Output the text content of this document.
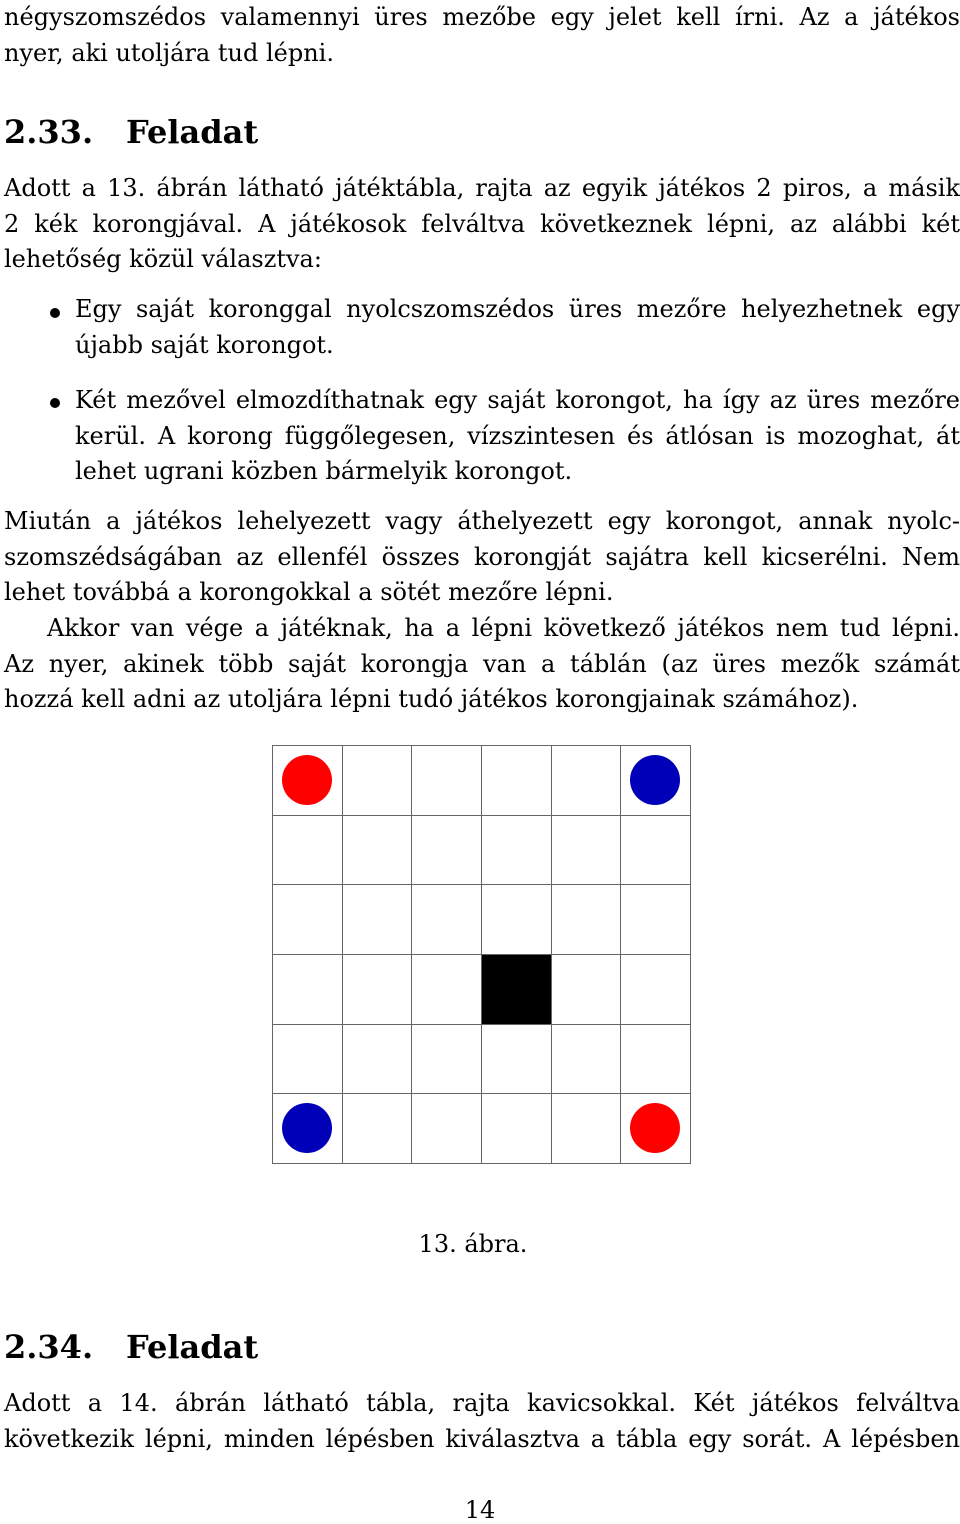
négyszomszédos valamennyi üres mezőbe egy jelet kell írni. Az a játékos
nyer, aki utoljára tud lépni.
2.33. Feladat
Adott a 13. ábrán látható játéktábla, rajta az egyik játékos 2 piros, a másik
2 kék korongjával. A játékosok felváltva következnek lépni, az alábbi két
lehetőség közül választva:
Egy saját koronggal nyolcszomszédos üres mezőre helyezhetnek egy
újabb saját korongot.
Két mezővel elmozdíthatnak egy saját korongot, ha így az üres mezőre
kerül. A korong függőlegesen, vízszintesen és átlósan is mozoghat, át
lehet ugrani közben bármelyik korongot.
Miután a játékos lehelyezett vagy áthelyezett egy korongot, annak nyolc-
szomszédságában az ellenfél összes korongját sajátra kell kicserélni. Nem
lehet továbbá a korongokkal a sötét mezőre lépni.
Akkor van vége a játéknak, ha a lépni következő játékos nem tud lépni.
Az nyer, akinek több saját korongja van a táblán (az üres mezők számát
hozzá kell adni az utoljára lépni tudó játékos korongjainak számához).
13. ábra.
2.34. Feladat
Adott a 14. ábrán látható tábla, rajta kavicsokkal. Két játékos felváltva
következik lépni, minden lépésben kiválasztva a tábla egy sorát. A lépésben
14
